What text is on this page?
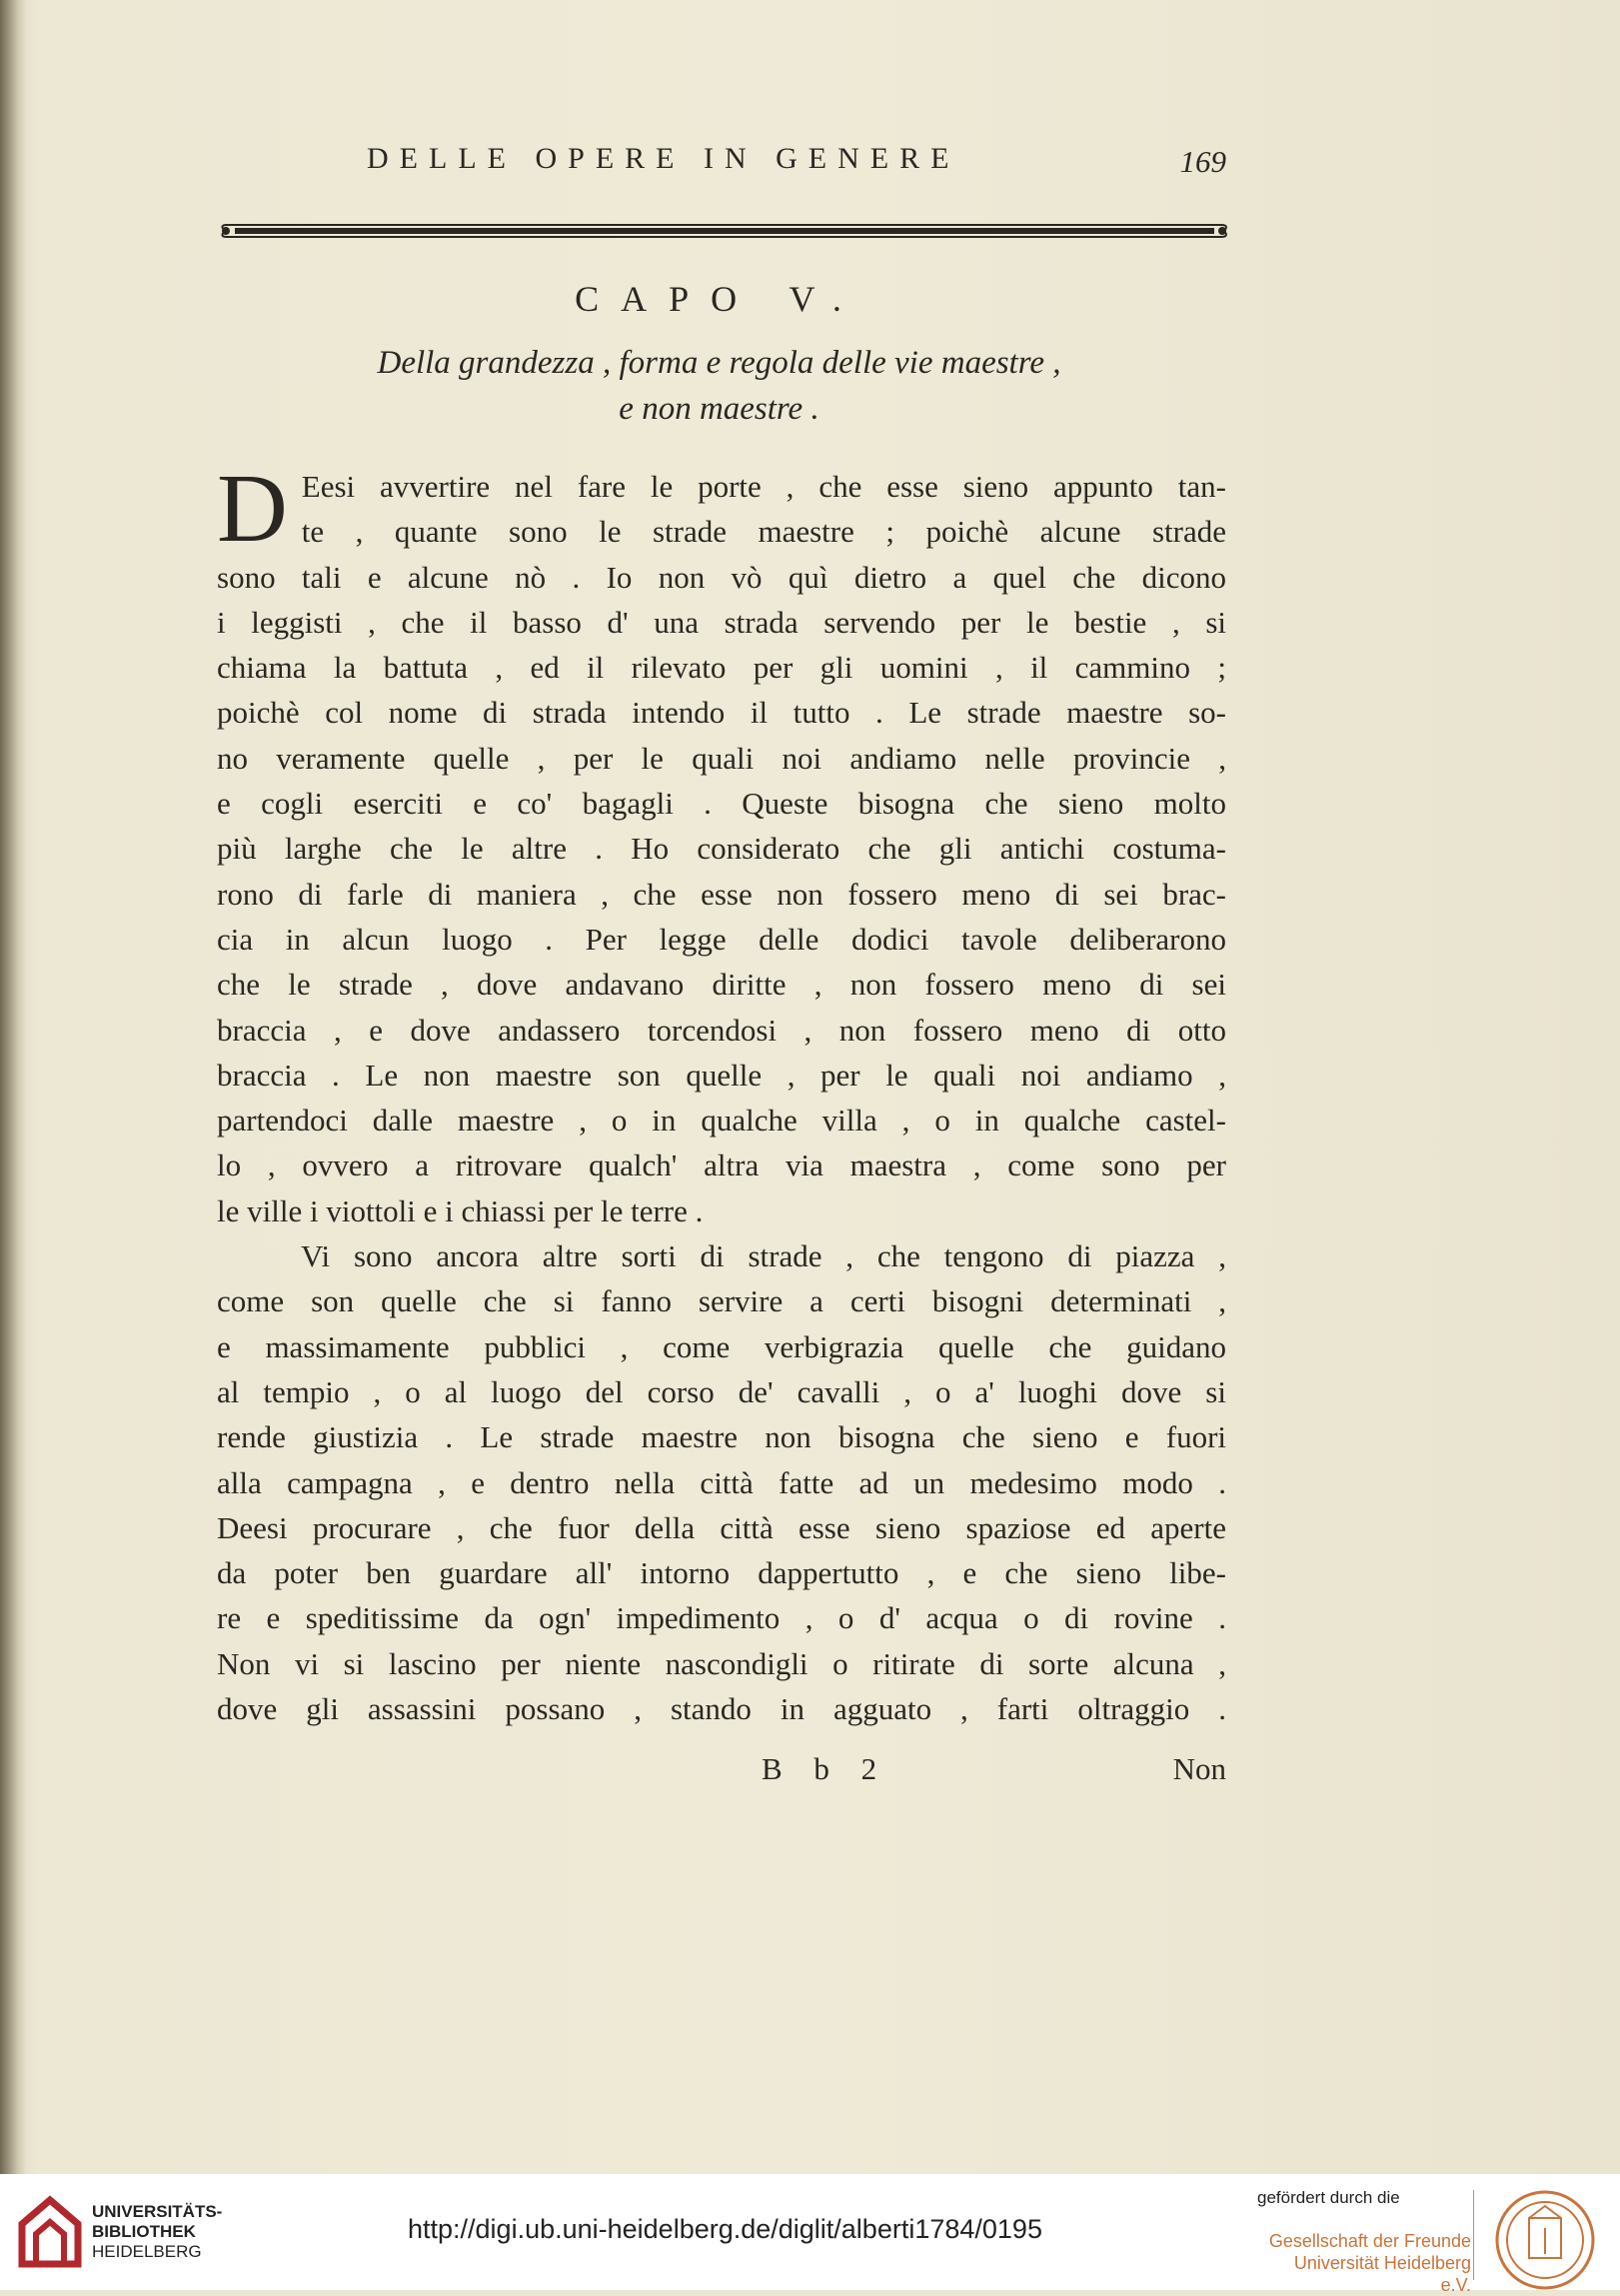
DELLE OPERE IN GENERE	169
CAPO V.
Della grandezza , forma e regola delle vie maestre ,
e non maestre .
D Eesi avvertire nel fare le porte , che esse sieno appunto tan-
te , quante sono le strade maestre ; poichè alcune strade
sono tali e alcune nò . Io non vò quì dietro a quel che dicono
i leggisti , che il basso d' una strada servendo per le bestie , si
chiama la battuta , ed il rilevato per gli uomini , il cammino ;
poichè col nome di strada intendo il tutto . Le strade maestre so-
no veramente quelle , per le quali noi andiamo nelle provincie ,
e cogli eserciti e co' bagagli . Queste bisogna che sieno molto
più larghe che le altre . Ho considerato che gli antichi costuma-
rono di farle di maniera , che esse non fossero meno di sei brac-
cia in alcun luogo . Per legge delle dodici tavole deliberarono
che le strade , dove andavano diritte , non fossero meno di sei
braccia , e dove andassero torcendosi , non fossero meno di otto
braccia . Le non maestre son quelle , per le quali noi andiamo ,
partendoci dalle maestre , o in qualche villa , o in qualche castel-
lo , ovvero a ritrovare qualch' altra via maestra , come sono per
le ville i viottoli e i chiassi per le terre .
Vi sono ancora altre sorti di strade , che tengono di piazza ,
come son quelle che si fanno servire a certi bisogni determinati ,
e massimamente pubblici , come verbigrazia quelle che guidano
al tempio , o al luogo del corso de' cavalli , o a' luoghi dove si
rende giustizia . Le strade maestre non bisogna che sieno e fuori
alla campagna , e dentro nella città fatte ad un medesimo modo .
Deesi procurare , che fuor della città esse sieno spaziose ed aperte
da poter ben guardare all' intorno dappertutto , e che sieno libe-
re e speditissime da ogn' impedimento , o d' acqua o di rovine .
Non vi si lascino per niente nascondigli o ritirate di sorte alcuna ,
dove gli assassini possano , stando in agguato , farti oltraggio .
B b 2	Non
UNIVERSITÄTS-
BIBLIOTHEK
HEIDELBERG
http://digi.ub.uni-heidelberg.de/diglit/alberti1784/0195
gefördert durch die
Gesellschaft der Freunde
Universität Heidelberg e.V.
